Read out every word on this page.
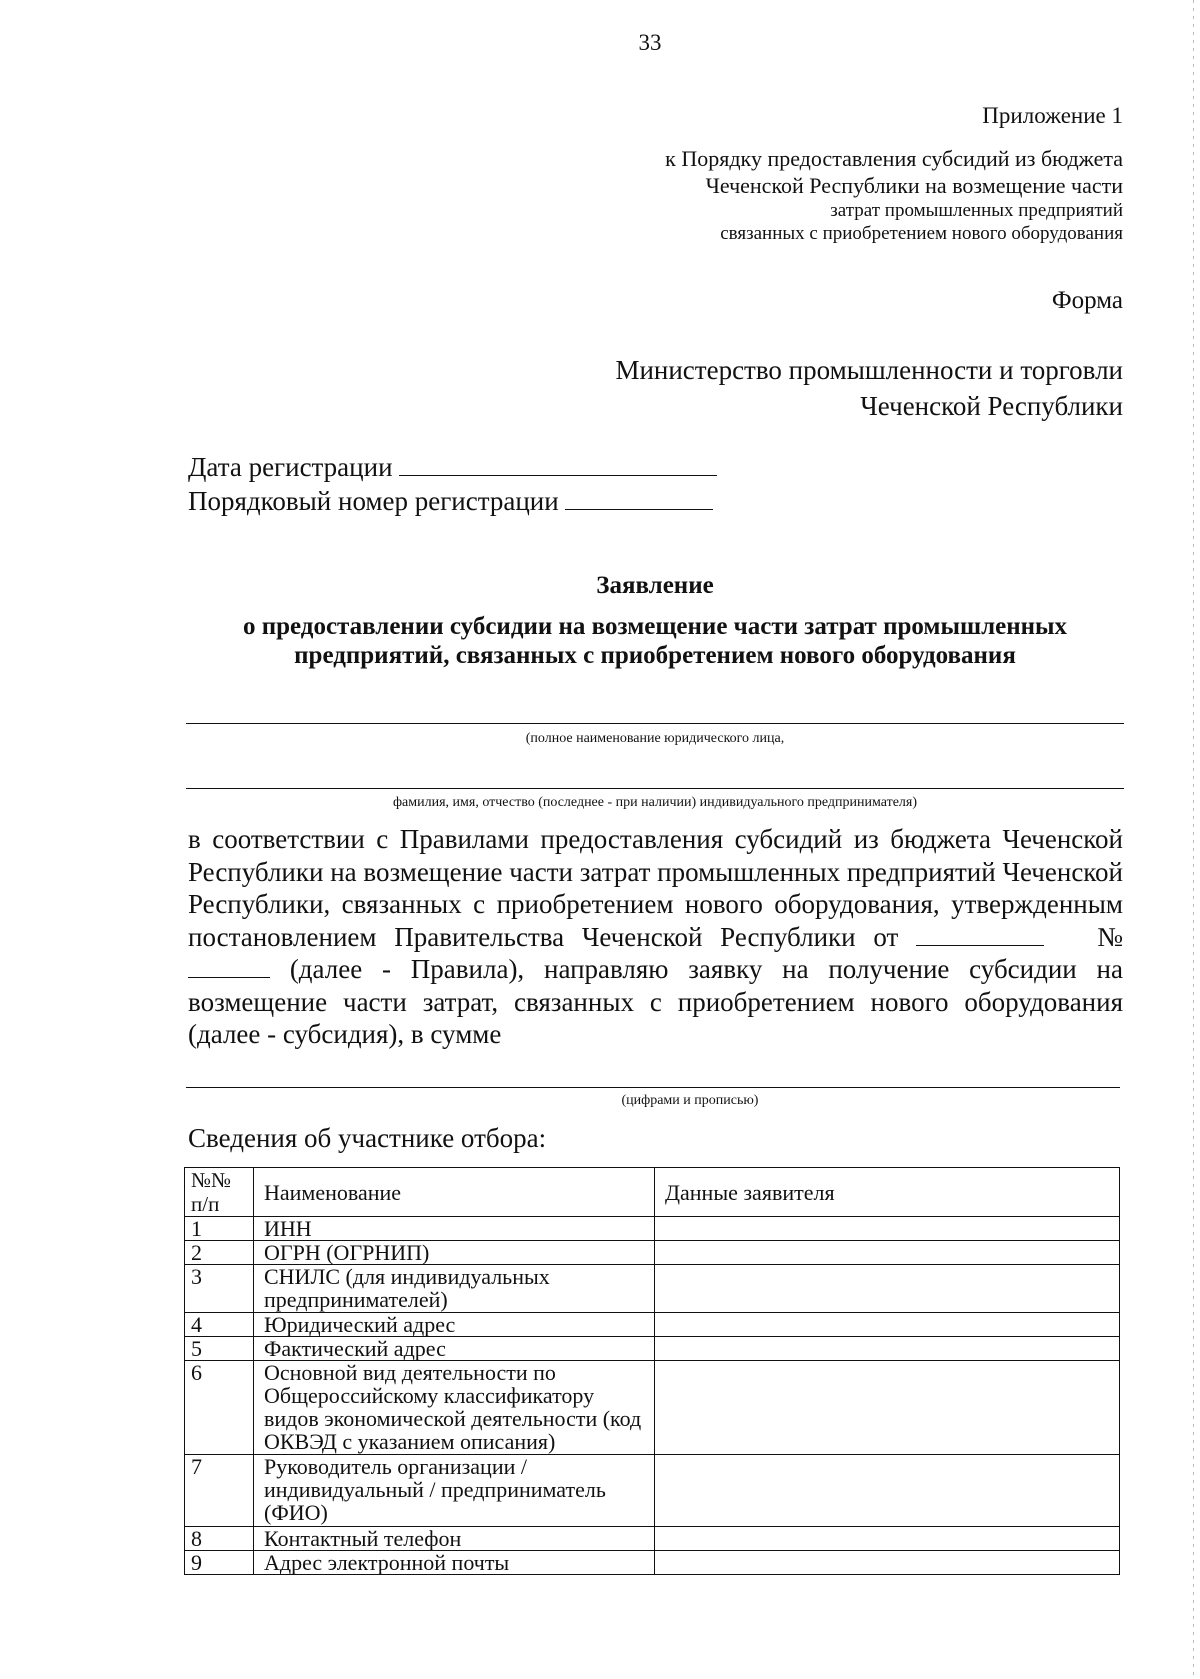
33
Приложение 1
к Порядку предоставления субсидий из бюджета
Чеченской Республики на возмещение части
затрат промышленных предприятий
связанных с приобретением нового оборудования
Форма
Министерство промышленности и торговли
Чеченской Республики
Дата регистрации
Порядковый номер регистрации
Заявление
о предоставлении субсидии на возмещение части затрат промышленных
предприятий, связанных с приобретением нового оборудования
(полное наименование юридического лица,
фамилия, имя, отчество (последнее - при наличии) индивидуального предпринимателя)
в соответствии с Правилами предоставления субсидий из бюджета Чеченской Республики на возмещение части затрат промышленных предприятий Чеченской Республики, связанных с приобретением нового оборудования, утвержденным постановлением Правительства Чеченской Республики от	№  (далее - Правила), направляю заявку на получение субсидии на возмещение части затрат, связанных с приобретением нового оборудования (далее - субсидия), в сумме
(цифрами и прописью)
Сведения об участнике отбора:
№№ п/п	Наименование	Данные заявителя
1	ИНН	
2	ОГРН (ОГРНИП)	
3	СНИЛС (для индивидуальных предпринимателей)	
4	Юридический адрес	
5	Фактический адрес	
6	Основной вид деятельности по Общероссийскому классификатору видов экономической деятельности (код ОКВЭД с указанием описания)	
7	Руководитель организации / индивидуальный / предприниматель (ФИО)	
8	Контактный телефон	
9	Адрес электронной почты	
